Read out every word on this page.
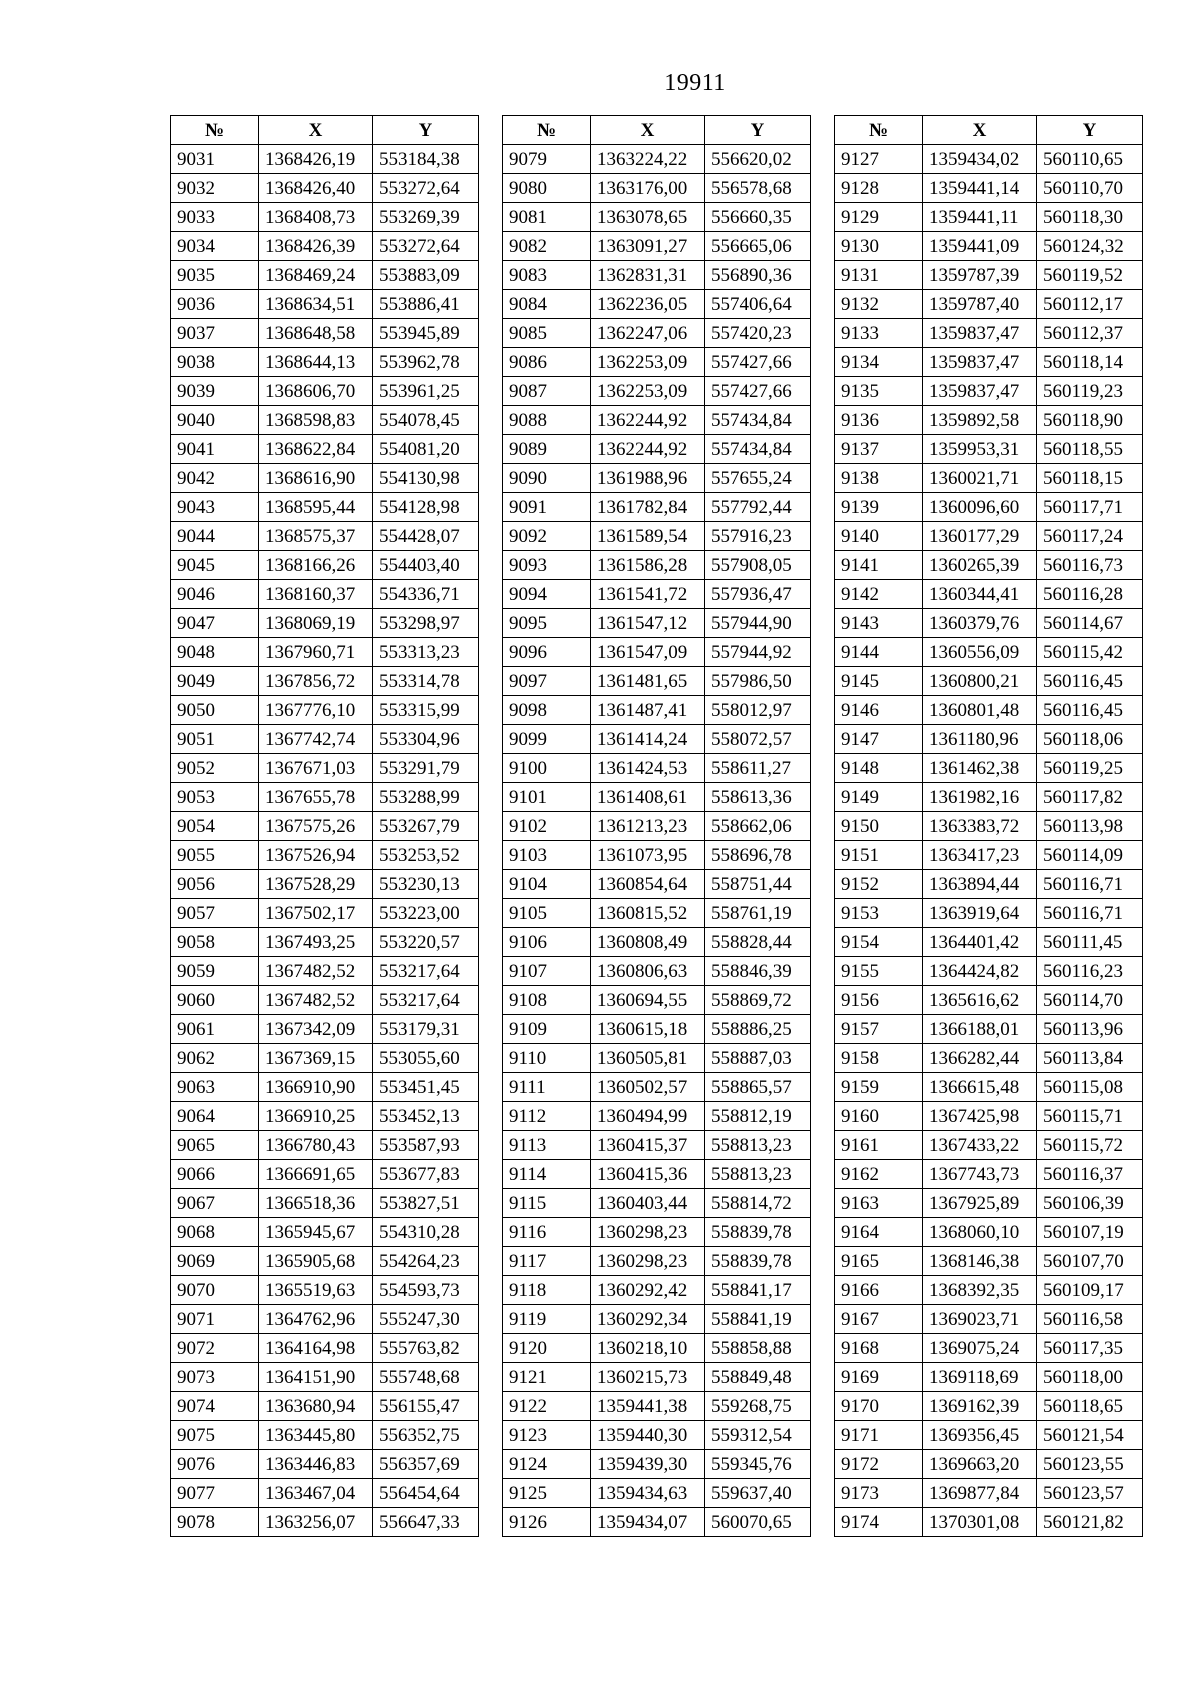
19911
№	X	Y
9031	1368426,19	553184,38
9032	1368426,40	553272,64
9033	1368408,73	553269,39
9034	1368426,39	553272,64
9035	1368469,24	553883,09
9036	1368634,51	553886,41
9037	1368648,58	553945,89
9038	1368644,13	553962,78
9039	1368606,70	553961,25
9040	1368598,83	554078,45
9041	1368622,84	554081,20
9042	1368616,90	554130,98
9043	1368595,44	554128,98
9044	1368575,37	554428,07
9045	1368166,26	554403,40
9046	1368160,37	554336,71
9047	1368069,19	553298,97
9048	1367960,71	553313,23
9049	1367856,72	553314,78
9050	1367776,10	553315,99
9051	1367742,74	553304,96
9052	1367671,03	553291,79
9053	1367655,78	553288,99
9054	1367575,26	553267,79
9055	1367526,94	553253,52
9056	1367528,29	553230,13
9057	1367502,17	553223,00
9058	1367493,25	553220,57
9059	1367482,52	553217,64
9060	1367482,52	553217,64
9061	1367342,09	553179,31
9062	1367369,15	553055,60
9063	1366910,90	553451,45
9064	1366910,25	553452,13
9065	1366780,43	553587,93
9066	1366691,65	553677,83
9067	1366518,36	553827,51
9068	1365945,67	554310,28
9069	1365905,68	554264,23
9070	1365519,63	554593,73
9071	1364762,96	555247,30
9072	1364164,98	555763,82
9073	1364151,90	555748,68
9074	1363680,94	556155,47
9075	1363445,80	556352,75
9076	1363446,83	556357,69
9077	1363467,04	556454,64
9078	1363256,07	556647,33
№	X	Y
9079	1363224,22	556620,02
9080	1363176,00	556578,68
9081	1363078,65	556660,35
9082	1363091,27	556665,06
9083	1362831,31	556890,36
9084	1362236,05	557406,64
9085	1362247,06	557420,23
9086	1362253,09	557427,66
9087	1362253,09	557427,66
9088	1362244,92	557434,84
9089	1362244,92	557434,84
9090	1361988,96	557655,24
9091	1361782,84	557792,44
9092	1361589,54	557916,23
9093	1361586,28	557908,05
9094	1361541,72	557936,47
9095	1361547,12	557944,90
9096	1361547,09	557944,92
9097	1361481,65	557986,50
9098	1361487,41	558012,97
9099	1361414,24	558072,57
9100	1361424,53	558611,27
9101	1361408,61	558613,36
9102	1361213,23	558662,06
9103	1361073,95	558696,78
9104	1360854,64	558751,44
9105	1360815,52	558761,19
9106	1360808,49	558828,44
9107	1360806,63	558846,39
9108	1360694,55	558869,72
9109	1360615,18	558886,25
9110	1360505,81	558887,03
9111	1360502,57	558865,57
9112	1360494,99	558812,19
9113	1360415,37	558813,23
9114	1360415,36	558813,23
9115	1360403,44	558814,72
9116	1360298,23	558839,78
9117	1360298,23	558839,78
9118	1360292,42	558841,17
9119	1360292,34	558841,19
9120	1360218,10	558858,88
9121	1360215,73	558849,48
9122	1359441,38	559268,75
9123	1359440,30	559312,54
9124	1359439,30	559345,76
9125	1359434,63	559637,40
9126	1359434,07	560070,65
№	X	Y
9127	1359434,02	560110,65
9128	1359441,14	560110,70
9129	1359441,11	560118,30
9130	1359441,09	560124,32
9131	1359787,39	560119,52
9132	1359787,40	560112,17
9133	1359837,47	560112,37
9134	1359837,47	560118,14
9135	1359837,47	560119,23
9136	1359892,58	560118,90
9137	1359953,31	560118,55
9138	1360021,71	560118,15
9139	1360096,60	560117,71
9140	1360177,29	560117,24
9141	1360265,39	560116,73
9142	1360344,41	560116,28
9143	1360379,76	560114,67
9144	1360556,09	560115,42
9145	1360800,21	560116,45
9146	1360801,48	560116,45
9147	1361180,96	560118,06
9148	1361462,38	560119,25
9149	1361982,16	560117,82
9150	1363383,72	560113,98
9151	1363417,23	560114,09
9152	1363894,44	560116,71
9153	1363919,64	560116,71
9154	1364401,42	560111,45
9155	1364424,82	560116,23
9156	1365616,62	560114,70
9157	1366188,01	560113,96
9158	1366282,44	560113,84
9159	1366615,48	560115,08
9160	1367425,98	560115,71
9161	1367433,22	560115,72
9162	1367743,73	560116,37
9163	1367925,89	560106,39
9164	1368060,10	560107,19
9165	1368146,38	560107,70
9166	1368392,35	560109,17
9167	1369023,71	560116,58
9168	1369075,24	560117,35
9169	1369118,69	560118,00
9170	1369162,39	560118,65
9171	1369356,45	560121,54
9172	1369663,20	560123,55
9173	1369877,84	560123,57
9174	1370301,08	560121,82
